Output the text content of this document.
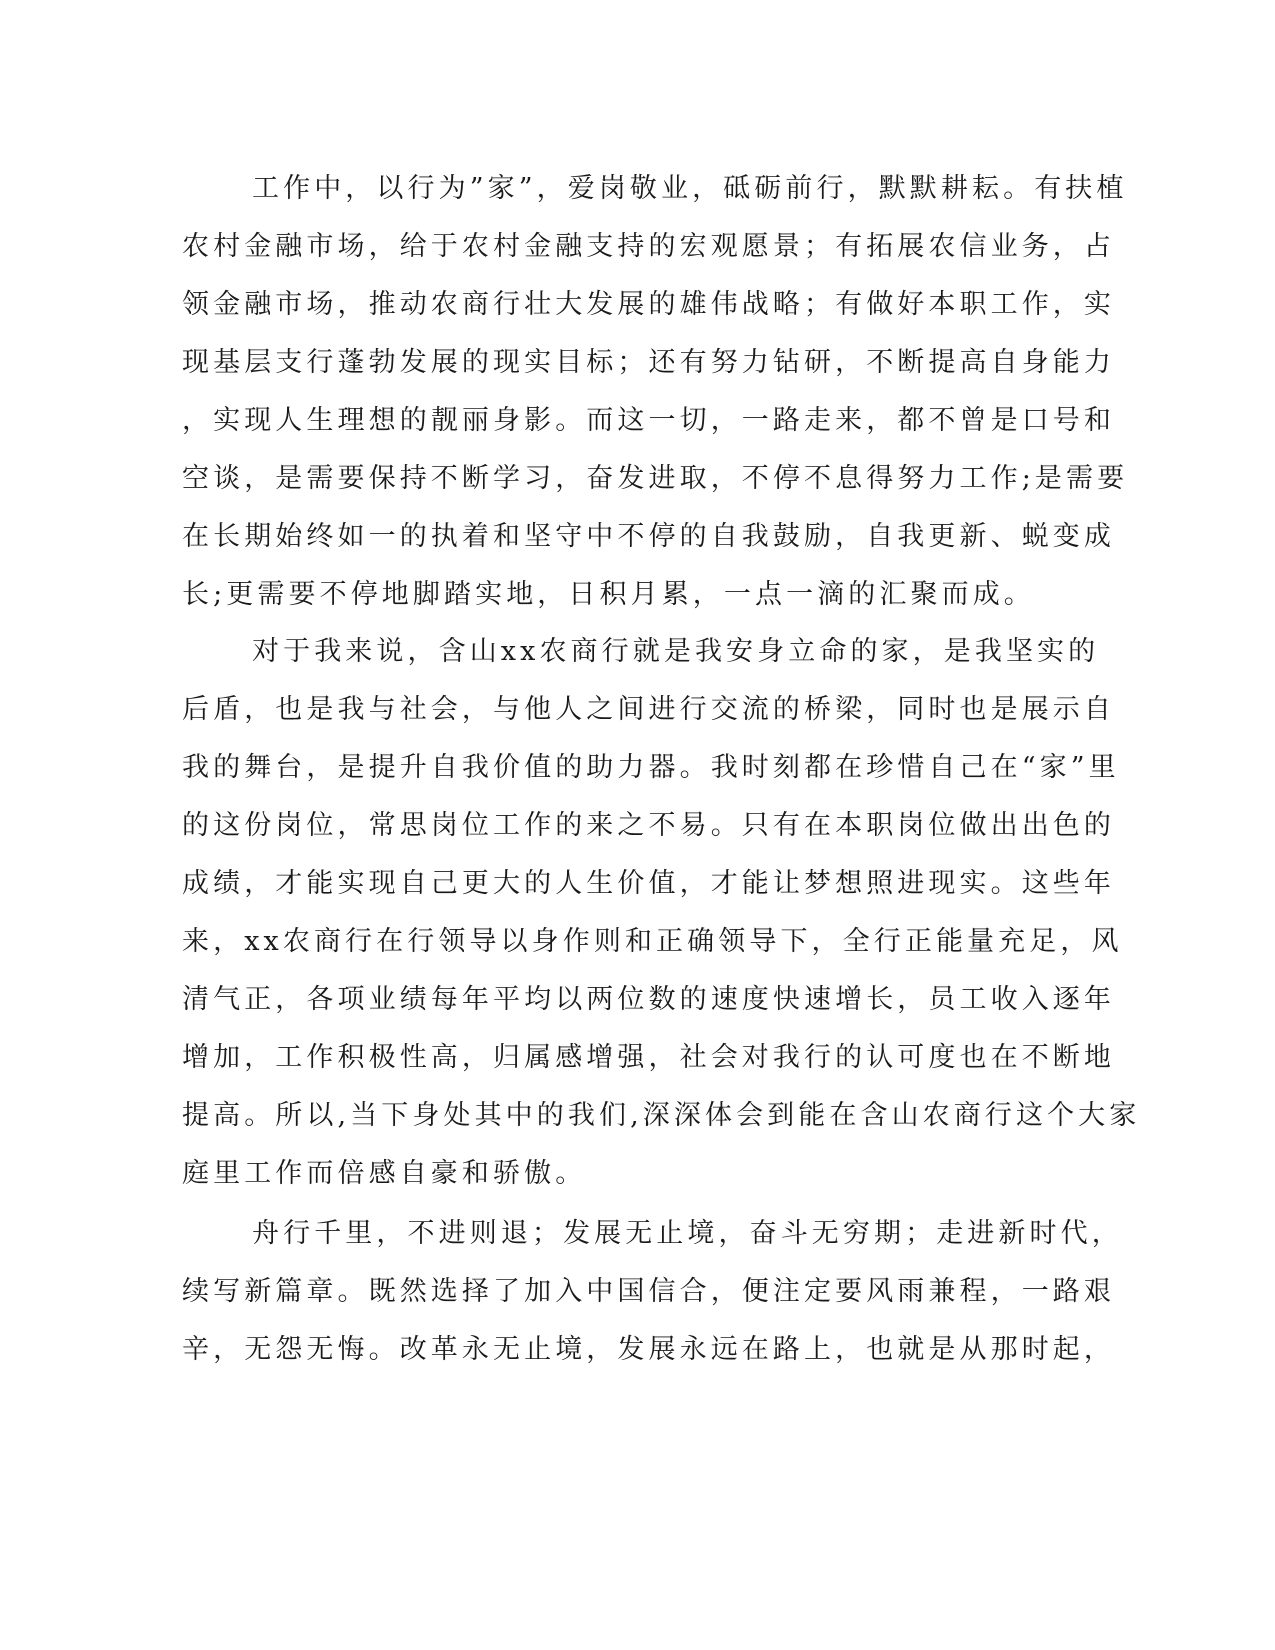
工作中，以行为”家”，爱岗敬业，砥砺前行，默默耕耘。有扶植
农村金融市场，给于农村金融支持的宏观愿景；有拓展农信业务，占
领金融市场，推动农商行壮大发展的雄伟战略；有做好本职工作，实
现基层支行蓬勃发展的现实目标；还有努力钻研，不断提高自身能力
，实现人生理想的靓丽身影。而这一切，一路走来，都不曾是口号和
空谈，是需要保持不断学习，奋发进取，不停不息得努力工作;是需要
在长期始终如一的执着和坚守中不停的自我鼓励，自我更新、蜕变成
长;更需要不停地脚踏实地，日积月累，一点一滴的汇聚而成。
对于我来说，含山xx农商行就是我安身立命的家，是我坚实的
后盾，也是我与社会，与他人之间进行交流的桥梁，同时也是展示自
我的舞台，是提升自我价值的助力器。我时刻都在珍惜自己在“家”里
的这份岗位，常思岗位工作的来之不易。只有在本职岗位做出出色的
成绩，才能实现自己更大的人生价值，才能让梦想照进现实。这些年
来，xx农商行在行领导以身作则和正确领导下，全行正能量充足，风
清气正，各项业绩每年平均以两位数的速度快速增长，员工收入逐年
增加，工作积极性高，归属感增强，社会对我行的认可度也在不断地
提高。所以,当下身处其中的我们,深深体会到能在含山农商行这个大家
庭里工作而倍感自豪和骄傲。
舟行千里，不进则退；发展无止境，奋斗无穷期；走进新时代，
续写新篇章。既然选择了加入中国信合，便注定要风雨兼程，一路艰
辛，无怨无悔。改革永无止境，发展永远在路上，也就是从那时起，
